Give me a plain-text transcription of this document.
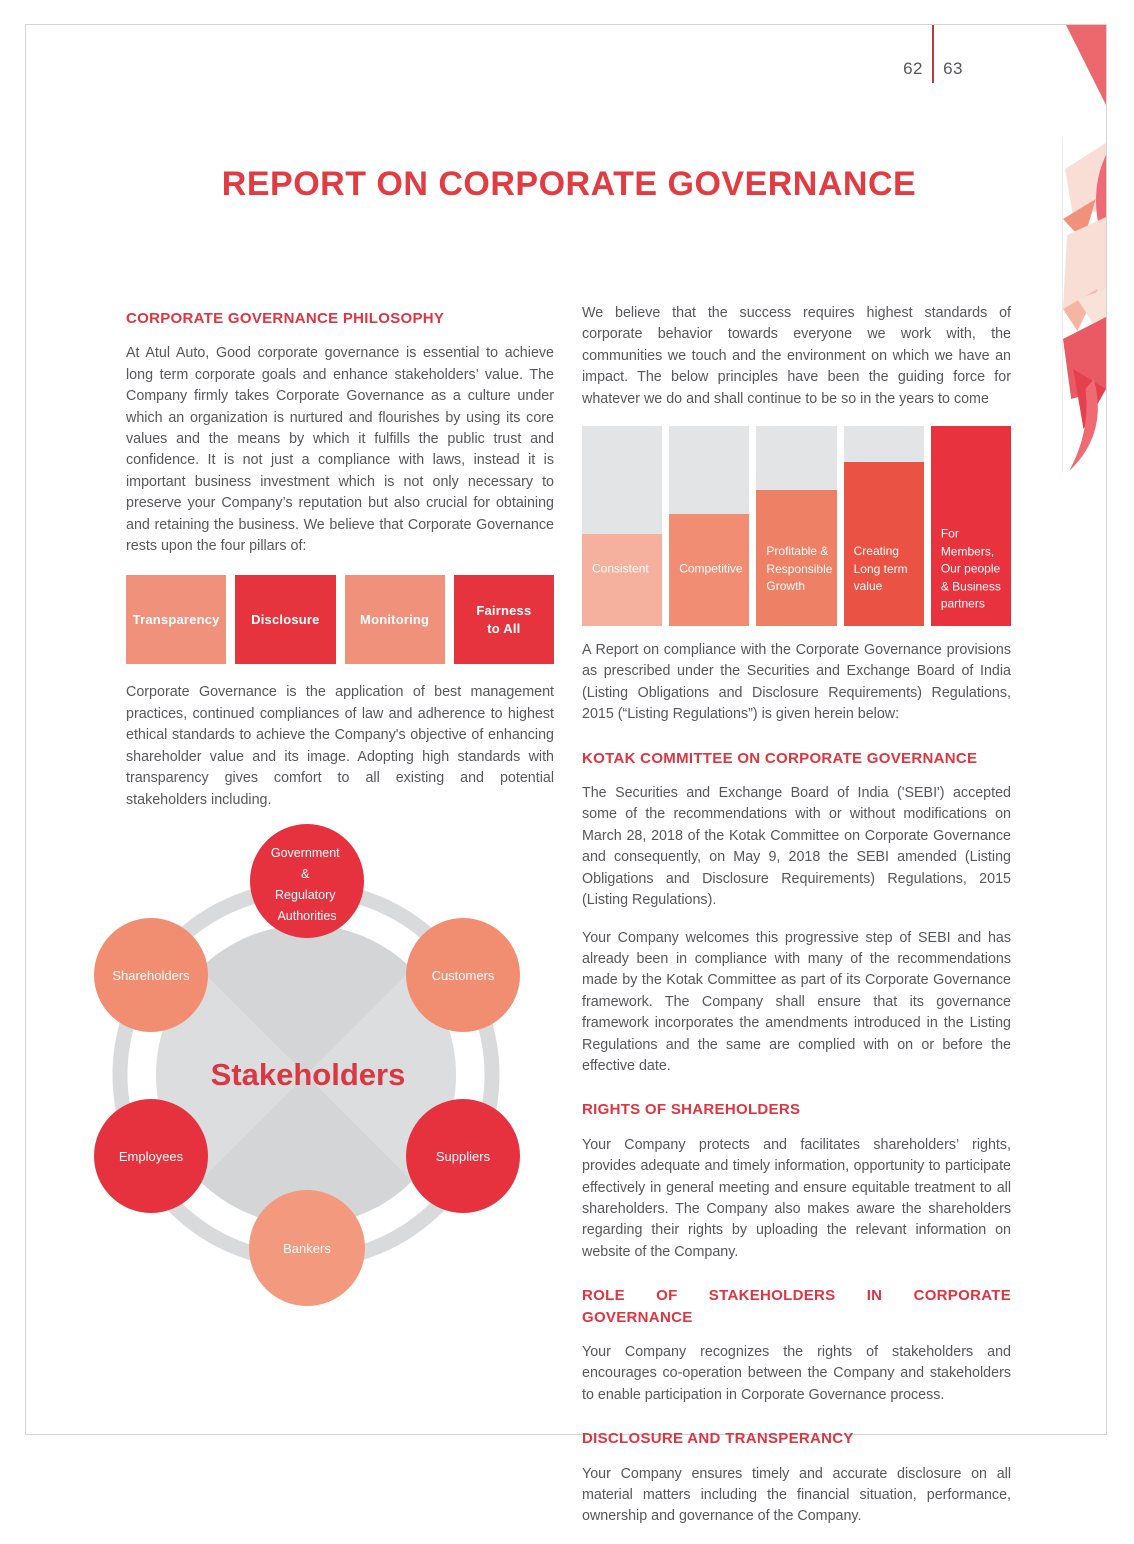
62 63
REPORT ON CORPORATE GOVERNANCE
CORPORATE GOVERNANCE PHILOSOPHY

At Atul Auto, Good corporate governance is essential to achieve long term corporate goals and enhance stakeholders’ value. The Company firmly takes Corporate Governance as a culture under which an organization is nurtured and flourishes by using its core values and the means by which it fulfills the public trust and confidence. It is not just a compliance with laws, instead it is important business investment which is not only necessary to preserve your Company’s reputation but also crucial for obtaining and retaining the business. We believe that Corporate Governance rests upon the four pillars of:

Transparency Disclosure	Monitoring
Fairness
to All

Corporate Governance is the application of best management practices, continued compliances of law and adherence to highest ethical standards to achieve the Company's objective of enhancing shareholder value and its image. Adopting high standards with transparency gives comfort to all existing and potential stakeholders including.

Stakeholders
Government & Regulatory Authorities
Shareholders	Customers
Employees	Suppliers
Bankers

We believe that the success requires highest standards of corporate behavior towards everyone we work with, the communities we touch and the environment on which we have an impact. The below principles have been the guiding force for whatever we do and shall continue to be so in the years to come

Consistent	Competitive
Profitable &
Responsible
Growth
Creating
Long term
value
For Members,
Our people
& Business
partners

A Report on compliance with the Corporate Governance provisions as prescribed under the Securities and Exchange Board of India (Listing Obligations and Disclosure Requirements) Regulations, 2015 (“Listing Regulations”) is given herein below:

KOTAK COMMITTEE ON CORPORATE GOVERNANCE

The Securities and Exchange Board of India ('SEBI') accepted some of the recommendations with or without modifications on March 28, 2018 of the Kotak Committee on Corporate Governance and consequently, on May 9, 2018 the SEBI amended (Listing Obligations and Disclosure Requirements) Regulations, 2015 (Listing Regulations).

Your Company welcomes this progressive step of SEBI and has already been in compliance with many of the recommendations made by the Kotak Committee as part of its Corporate Governance framework. The Company shall ensure that its governance framework incorporates the amendments introduced in the Listing Regulations and the same are complied with on or before the effective date.

RIGHTS OF SHAREHOLDERS

Your Company protects and facilitates shareholders’ rights, provides adequate and timely information, opportunity to participate effectively in general meeting and ensure equitable treatment to all shareholders. The Company also makes aware the shareholders regarding their rights by uploading the relevant information on website of the Company.

ROLE OF STAKEHOLDERS IN CORPORATE GOVERNANCE

Your Company recognizes the rights of stakeholders and encourages co-operation between the Company and stakeholders to enable participation in Corporate Governance process.

DISCLOSURE AND TRANSPERANCY

Your Company ensures timely and accurate disclosure on all material matters including the financial situation, performance, ownership and governance of the Company.
